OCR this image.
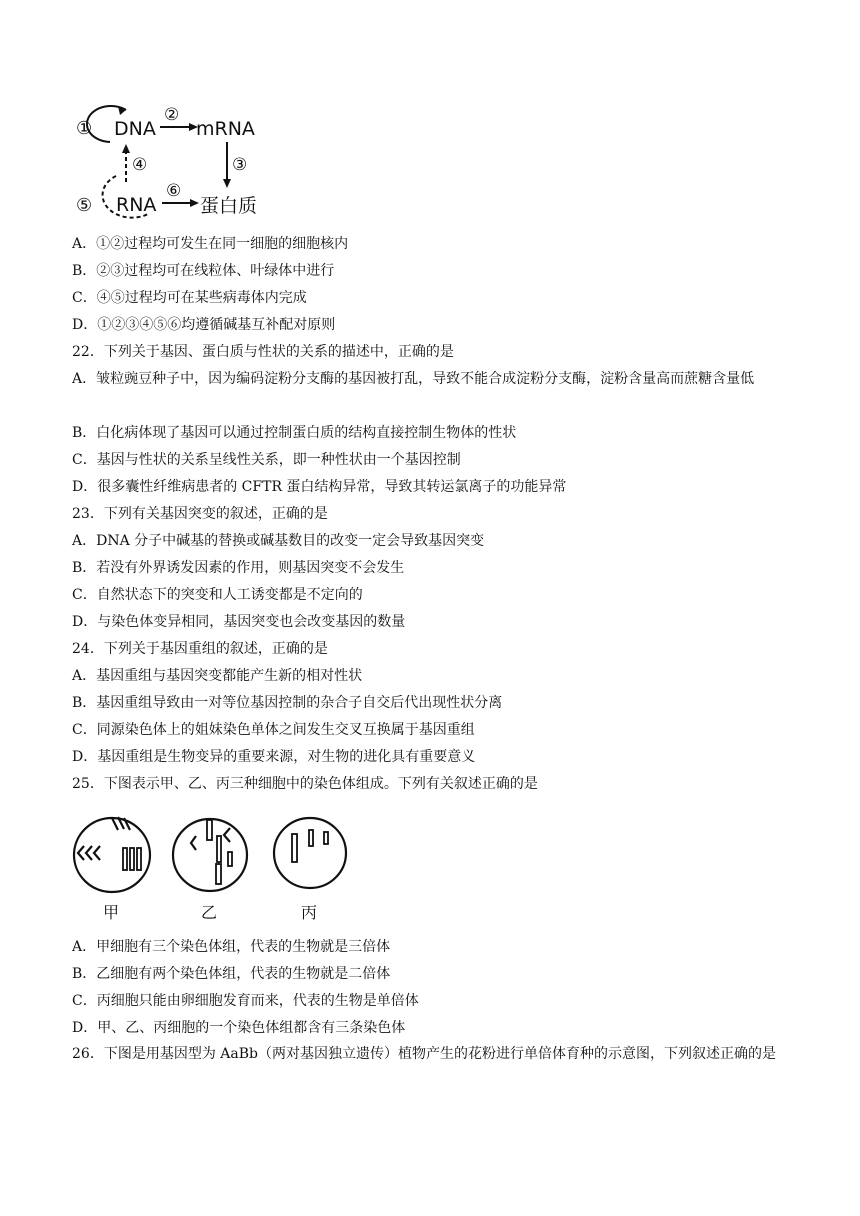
① DNA
②
mRNA
③
④
⑤ RNA
⑥
蛋白质
A．①②过程均可发生在同一细胞的细胞核内
B．②③过程均可在线粒体、叶绿体中进行
C．④⑤过程均可在某些病毒体内完成
D．①②③④⑤⑥均遵循碱基互补配对原则
22．下列关于基因、蛋白质与性状的关系的描述中，正确的是
A．皱粒豌豆种子中，因为编码淀粉分支酶的基因被打乱，导致不能合成淀粉分支酶，淀粉含量高而蔗糖含量低
B．白化病体现了基因可以通过控制蛋白质的结构直接控制生物体的性状
C．基因与性状的关系呈线性关系，即一种性状由一个基因控制
D．很多囊性纤维病患者的 CFTR 蛋白结构异常，导致其转运氯离子的功能异常
23．下列有关基因突变的叙述，正确的是
A．DNA 分子中碱基的替换或碱基数目的改变一定会导致基因突变
B．若没有外界诱发因素的作用，则基因突变不会发生
C．自然状态下的突变和人工诱变都是不定向的
D．与染色体变异相同，基因突变也会改变基因的数量
24．下列关于基因重组的叙述，正确的是
A．基因重组与基因突变都能产生新的相对性状
B．基因重组导致由一对等位基因控制的杂合子自交后代出现性状分离
C．同源染色体上的姐妹染色单体之间发生交叉互换属于基因重组
D．基因重组是生物变异的重要来源，对生物的进化具有重要意义
25．下图表示甲、乙、丙三种细胞中的染色体组成。下列有关叙述正确的是
甲	乙	丙
A．甲细胞有三个染色体组，代表的生物就是三倍体
B．乙细胞有两个染色体组，代表的生物就是二倍体
C．丙细胞只能由卵细胞发育而来，代表的生物是单倍体
D．甲、乙、丙细胞的一个染色体组都含有三条染色体
26．下图是用基因型为 AaBb（两对基因独立遗传）植物产生的花粉进行单倍体育种的示意图，下列叙述正确的是
